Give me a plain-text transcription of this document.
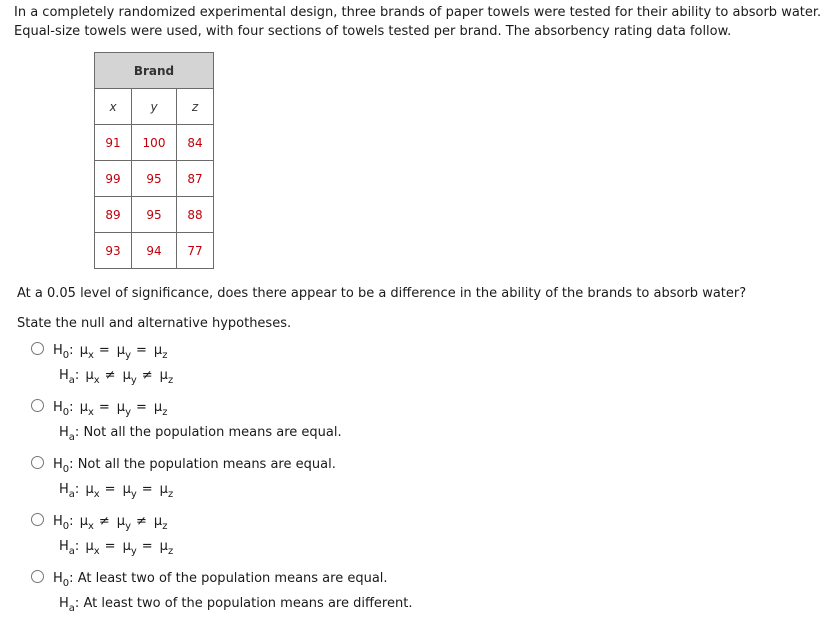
In a completely randomized experimental design, three brands of paper towels were tested for their ability to absorb water.

Equal-size towels were used, with four sections of towels tested per brand. The absorbency rating data follow.

Brand		
x	y	z
91	100	84
99	95	87
89	95	88
93	94	77
At a 0.05 level of significance, does there appear to be a difference in the ability of the brands to absorb water?
State the null and alternative hypotheses.
$H_0$: $\mu_x = \mu_y = \mu_z$
$H_a$: $\mu_x \ne \mu_y \ne \mu_z$
$H_0$: $\mu_x = \mu_y = \mu_z$
$H_a$: Not all the population means are equal.
$H_0$: Not all the population means are equal.
$H_a$: $\mu_x = \mu_y = \mu_z$
$H_0$: $\mu_x \ne \mu_y \ne \mu_z$
$H_a$: $\mu_x = \mu_y = \mu_z$
$H_0$: At least two of the population means are equal.
$H_a$: At least two of the population means are different.
